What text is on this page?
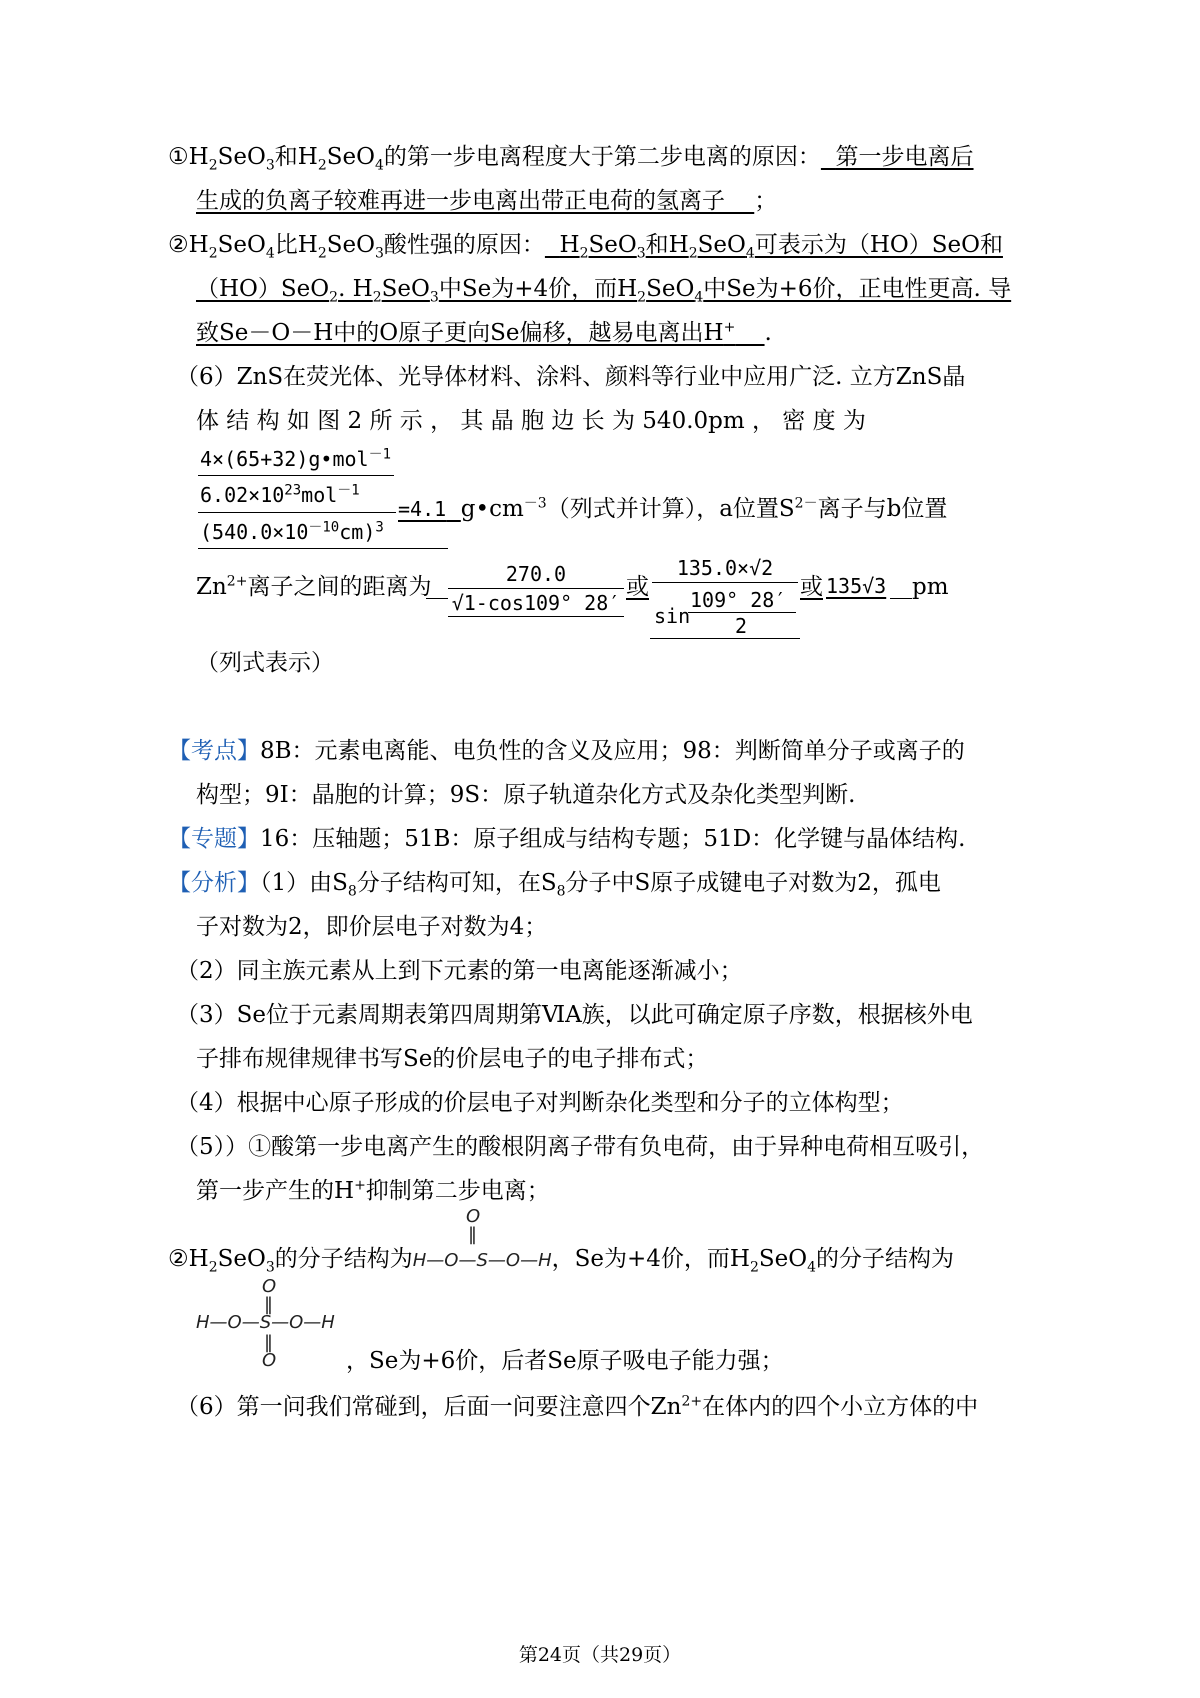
$①H_2SeO_3$和$H_2SeO_4$的第一步电离程度大于第二步电离的原因： 第一步电离后
生成的负离子较难再进一步电离出带正电荷的氢离子 ；
$②H_2SeO_4$比$H_2SeO_3$酸性强的原因： $H_2SeO_3$和$H_2SeO_4$可表示为（HO）SeO和
（HO）SeO$_2$. $H_2SeO_3$中Se为+4价，而$H_2SeO_4$中Se为+6价，正电性更高. 导
致Se－O－H中的O原子更向Se偏移，越易电离出H+ .
（6）ZnS在荧光体、光导体材料、涂料、颜料等行业中应用广泛. 立方ZnS晶
体 结 构 如 图 2 所 示 ， 其 晶 胞 边 长 为 540.0pm ， 密 度 为
4×(65+32)g•mol$^{-1}$
$6.02\times 10^{23}mol^{-1}$
=4.1 $g•cm^{-3}$（列式并计算），a位置$S^{2-}$离子与b位置
$(540.0\times 10^{-10}cm)^3$
$Zn^{2+}$离子之间的距离为	270.0
√1-cos109° 28′
或
135.0×√2
sin
109° 28′
2
或 135√3 pm
（列式表示）
【考点】8B：元素电离能、电负性的含义及应用；98：判断简单分子或离子的
构型；9I：晶胞的计算；9S：原子轨道杂化方式及杂化类型判断.
【专题】16：压轴题；51B：原子组成与结构专题；51D：化学键与晶体结构.
【分析】（1）由$S_8$分子结构可知，在$S_8$分子中S原子成键电子对数为2，孤电
子对数为2，即价层电子对数为4；
（2）同主族元素从上到下元素的第一电离能逐渐减小；
（3）Se位于元素周期表第四周期第ⅥA族，以此可确定原子序数，根据核外电
子排布规律规律书写Se的价层电子的电子排布式；
（4）根据中心原子形成的价层电子对判断杂化类型和分子的立体构型；
（5））①酸第一步电离产生的酸根阴离子带有负电荷，由于异种电荷相互吸引，
第一步产生的H+抑制第二步电离；
O
‖
$②H_2SeO_3$的分子结构为H—O—S—O—H，Se为+4价，而$H_2SeO_4$的分子结构为
O
‖
H—O—S—O—H
‖
O	，Se为+6价，后者Se原子吸电子能力强；
（6）第一问我们常碰到，后面一问要注意四个$Zn^{2+}$在体内的四个小立方体的中
第24页（共29页）
